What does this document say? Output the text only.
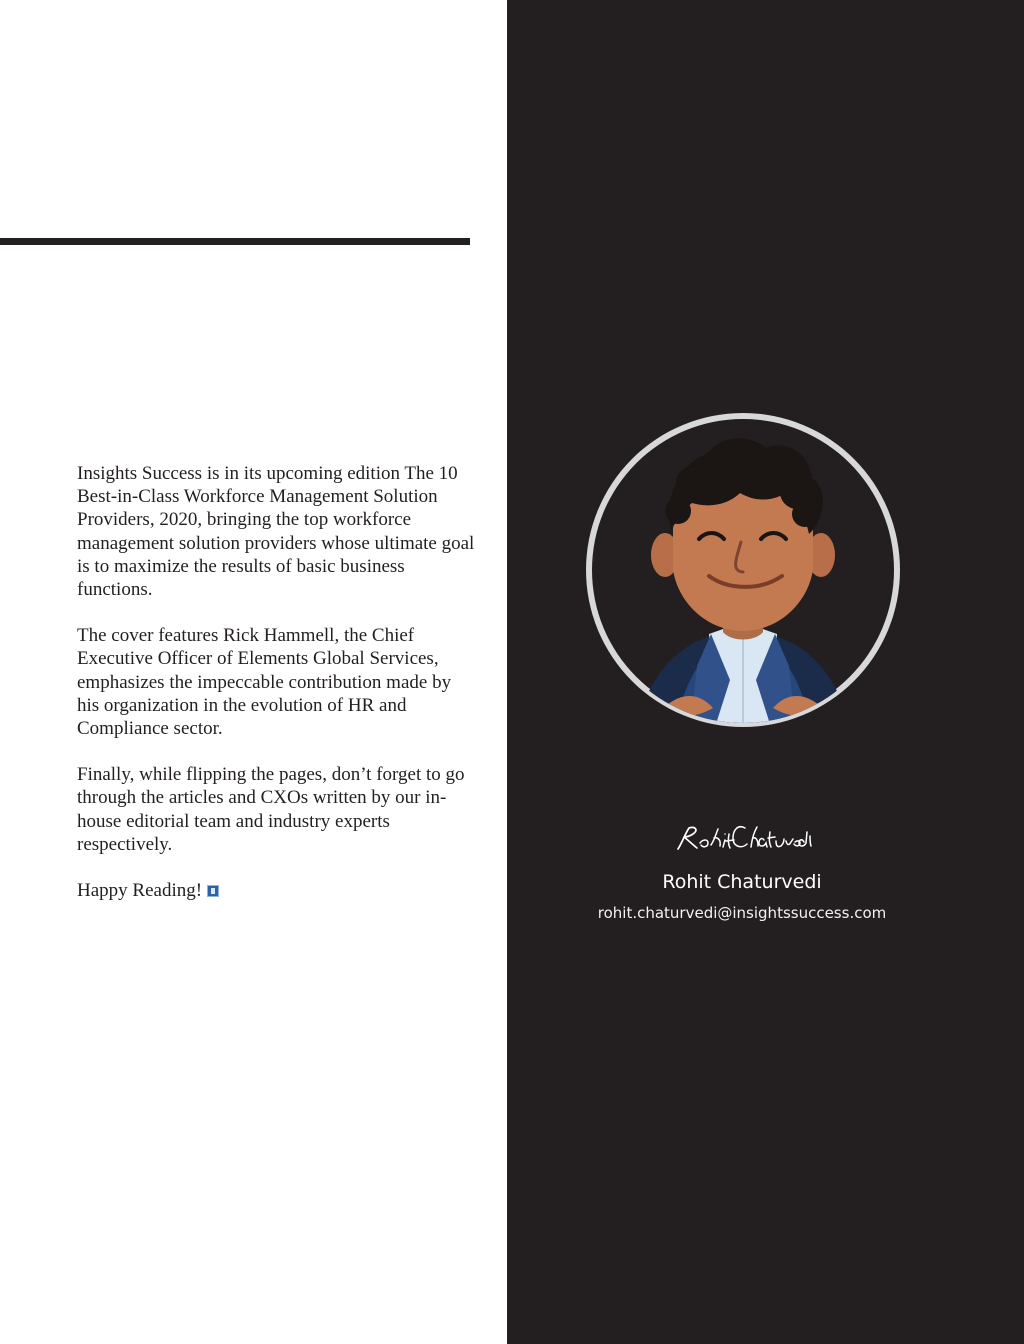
Insights Success is in its upcoming edition The 10 Best-in-Class Workforce Management Solution Providers, 2020, bringing the top workforce management solution providers whose ultimate goal is to maximize the results of basic business functions.

The cover features Rick Hammell, the Chief Executive Officer of Elements Global Services, emphasizes the impeccable contribution made by his organization in the evolution of HR and Compliance sector.

Finally, while flipping the pages, don’t forget to go through the articles and CXOs written by our in-house editorial team and industry experts respectively.

Happy Reading!	Rohit Chaturvedi
rohit.chaturvedi@insightssuccess.com
